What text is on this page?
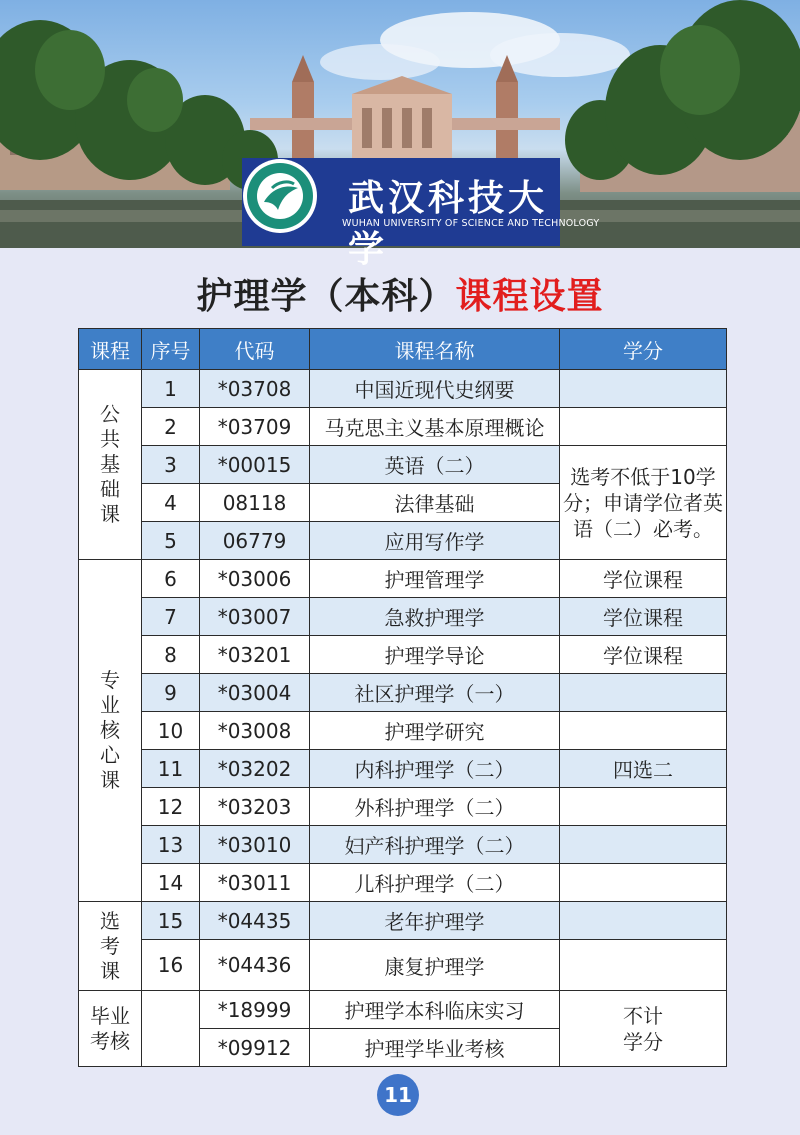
武汉科技大学
WUHAN UNIVERSITY OF SCIENCE AND TECHNOLOGY
护理学（本科）课程设置
课程	序号	代码	课程名称	学分

公共基础课	1	*03708	中国近现代史纲要	
	2	*03709	马克思主义基本原理概论	
	3	*00015	英语（二）	选考不低于10学分；申请学位者英语（二）必考。
	4	08118	法律基础	
	5	06779	应用写作学	

专业核心课	6	*03006	护理管理学	学位课程
	7	*03007	急救护理学	学位课程
	8	*03201	护理学导论	学位课程
	9	*03004	社区护理学（一）	
	10	*03008	护理学研究	
	11	*03202	内科护理学（二）	四选二
	12	*03203	外科护理学（二）	
	13	*03010	妇产科护理学（二）	
	14	*03011	儿科护理学（二）	

选考课	15	*04435	老年护理学	
	16	*04436	康复护理学	

毕业考核		*18999	护理学本科临床实习	不计学分

		*09912	护理学毕业考核	
11
